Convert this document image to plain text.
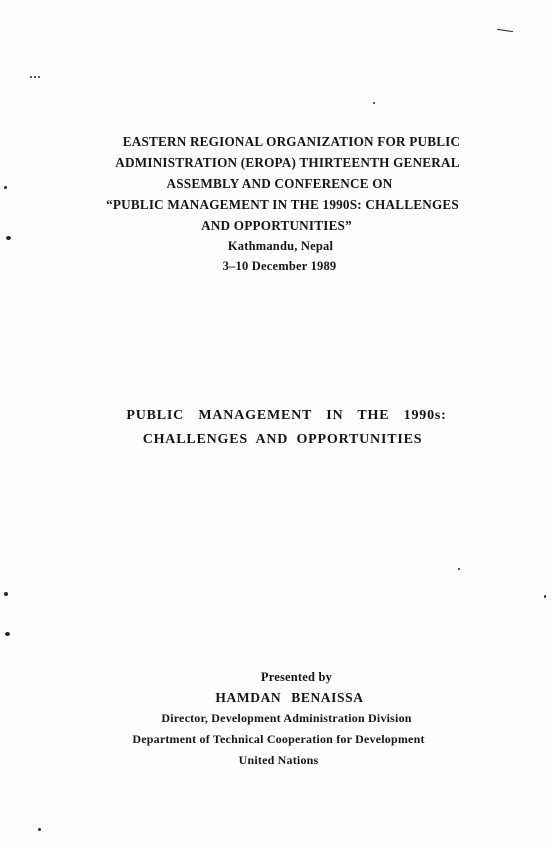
EASTERN REGIONAL ORGANIZATION FOR PUBLIC
ADMINISTRATION (EROPA) THIRTEENTH GENERAL
ASSEMBLY AND CONFERENCE ON
“PUBLIC MANAGEMENT IN THE 1990S: CHALLENGES
AND OPPORTUNITIES”
Kathmandu, Nepal
3–10 December 1989
PUBLIC MANAGEMENT IN THE 1990s:
CHALLENGES AND OPPORTUNITIES
Presented by
HAMDAN BENAISSA
Director, Development Administration Division
Department of Technical Cooperation for Development
United Nations
